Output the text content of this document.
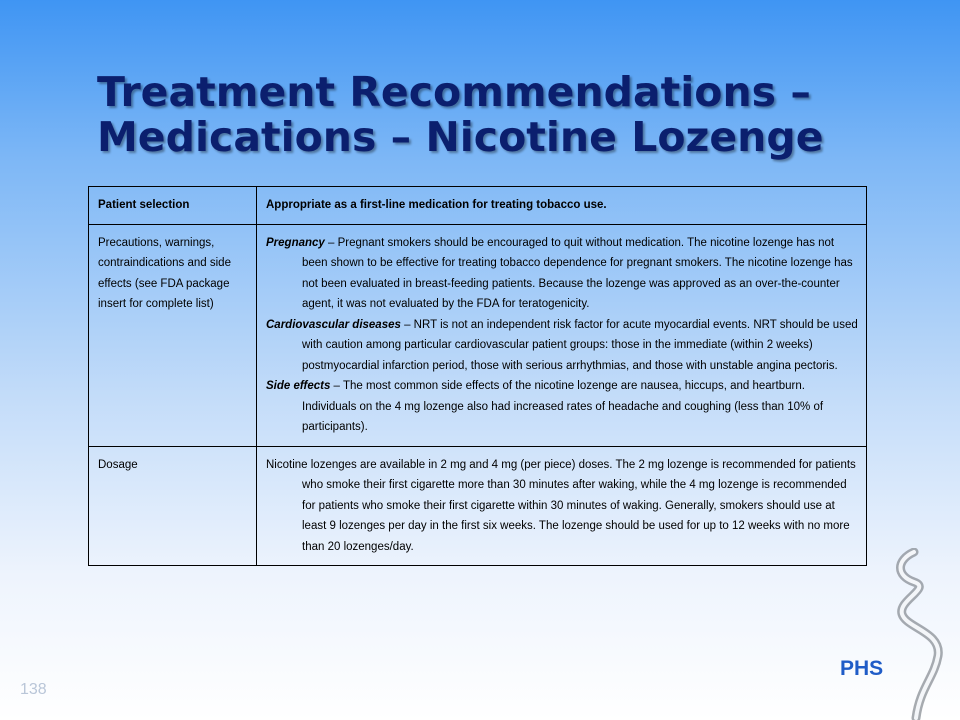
Treatment Recommendations –
Medications – Nicotine Lozenge
Patient selection	Appropriate as a first-line medication for treating tobacco use.
Precautions, warnings, contraindications and side effects (see FDA package insert for complete list)	Pregnancy – Pregnant smokers should be encouraged to quit without medication. The nicotine lozenge has not been shown to be effective for treating tobacco dependence for pregnant smokers. The nicotine lozenge has not been evaluated in breast-feeding patients. Because the lozenge was approved as an over-the-counter agent, it was not evaluated by the FDA for teratogenicity.

Cardiovascular diseases – NRT is not an independent risk factor for acute myocardial events. NRT should be used with caution among particular cardiovascular patient groups: those in the immediate (within 2 weeks) postmyocardial infarction period, those with serious arrhythmias, and those with unstable angina pectoris.

Side effects – The most common side effects of the nicotine lozenge are nausea, hiccups, and heartburn. Individuals on the 4 mg lozenge also had increased rates of headache and coughing (less than 10% of participants).

Dosage	Nicotine lozenges are available in 2 mg and 4 mg (per piece) doses. The 2 mg lozenge is recommended for patients who smoke their first cigarette more than 30 minutes after waking, while the 4 mg lozenge is recommended for patients who smoke their first cigarette within 30 minutes of waking. Generally, smokers should use at least 9 lozenges per day in the first six weeks. The lozenge should be used for up to 12 weeks with no more than 20 lozenges/day.

PHS
138
